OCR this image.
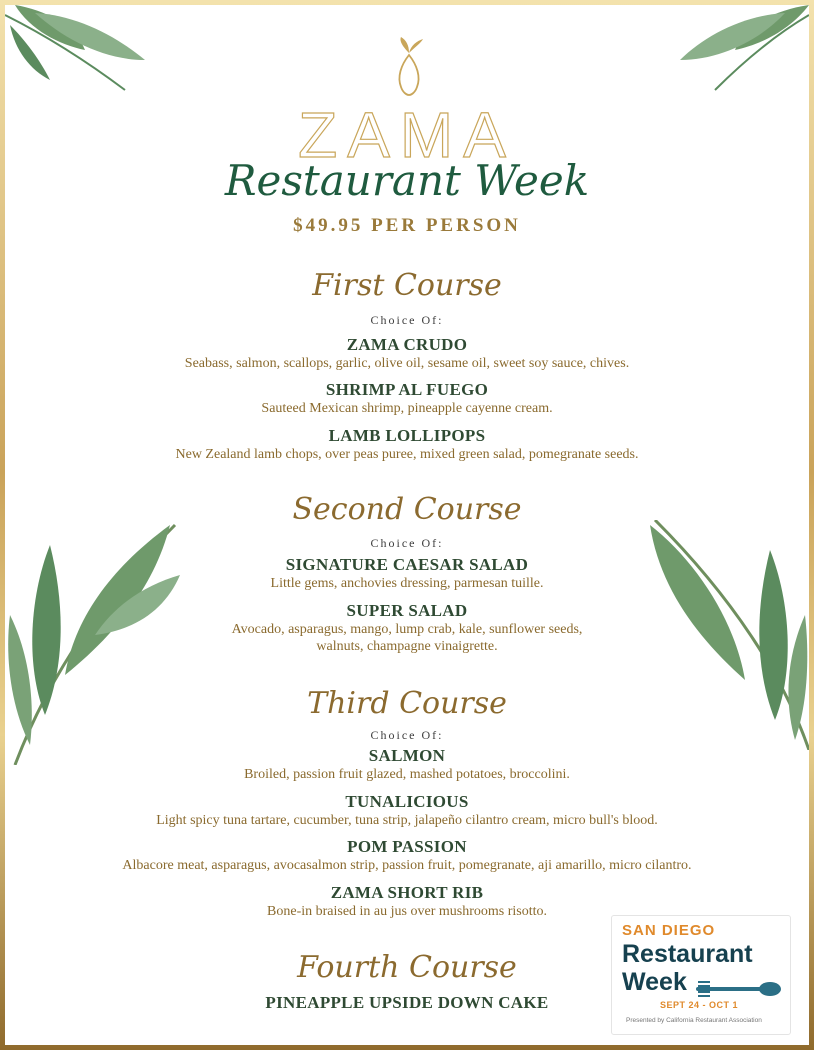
ZAMA
Restaurant Week
$49.95 PER PERSON
First Course
Choice Of:
ZAMA CRUDO
Seabass, salmon, scallops, garlic, olive oil, sesame oil, sweet soy sauce, chives.
SHRIMP AL FUEGO
Sauteed Mexican shrimp, pineapple cayenne cream.
LAMB LOLLIPOPS
New Zealand lamb chops, over peas puree, mixed green salad, pomegranate seeds.
Second Course
Choice Of:
SIGNATURE CAESAR SALAD
Little gems, anchovies dressing, parmesan tuille.
SUPER SALAD
Avocado, asparagus, mango, lump crab, kale, sunflower seeds,
walnuts, champagne vinaigrette.
Third Course
Choice Of:
SALMON
Broiled, passion fruit glazed, mashed potatoes, broccolini.
TUNALICIOUS
Light spicy tuna tartare, cucumber, tuna strip, jalapeño cilantro cream, micro bull's blood.
POM PASSION
Albacore meat, asparagus, avocasalmon strip, passion fruit, pomegranate, aji amarillo, micro cilantro.
ZAMA SHORT RIB
Bone-in braised in au jus over mushrooms risotto.
Fourth Course
PINEAPPLE UPSIDE DOWN CAKE
SAN DIEGO
Restaurant
Week
SEPT 24 - OCT 1
Presented by California Restaurant Association
